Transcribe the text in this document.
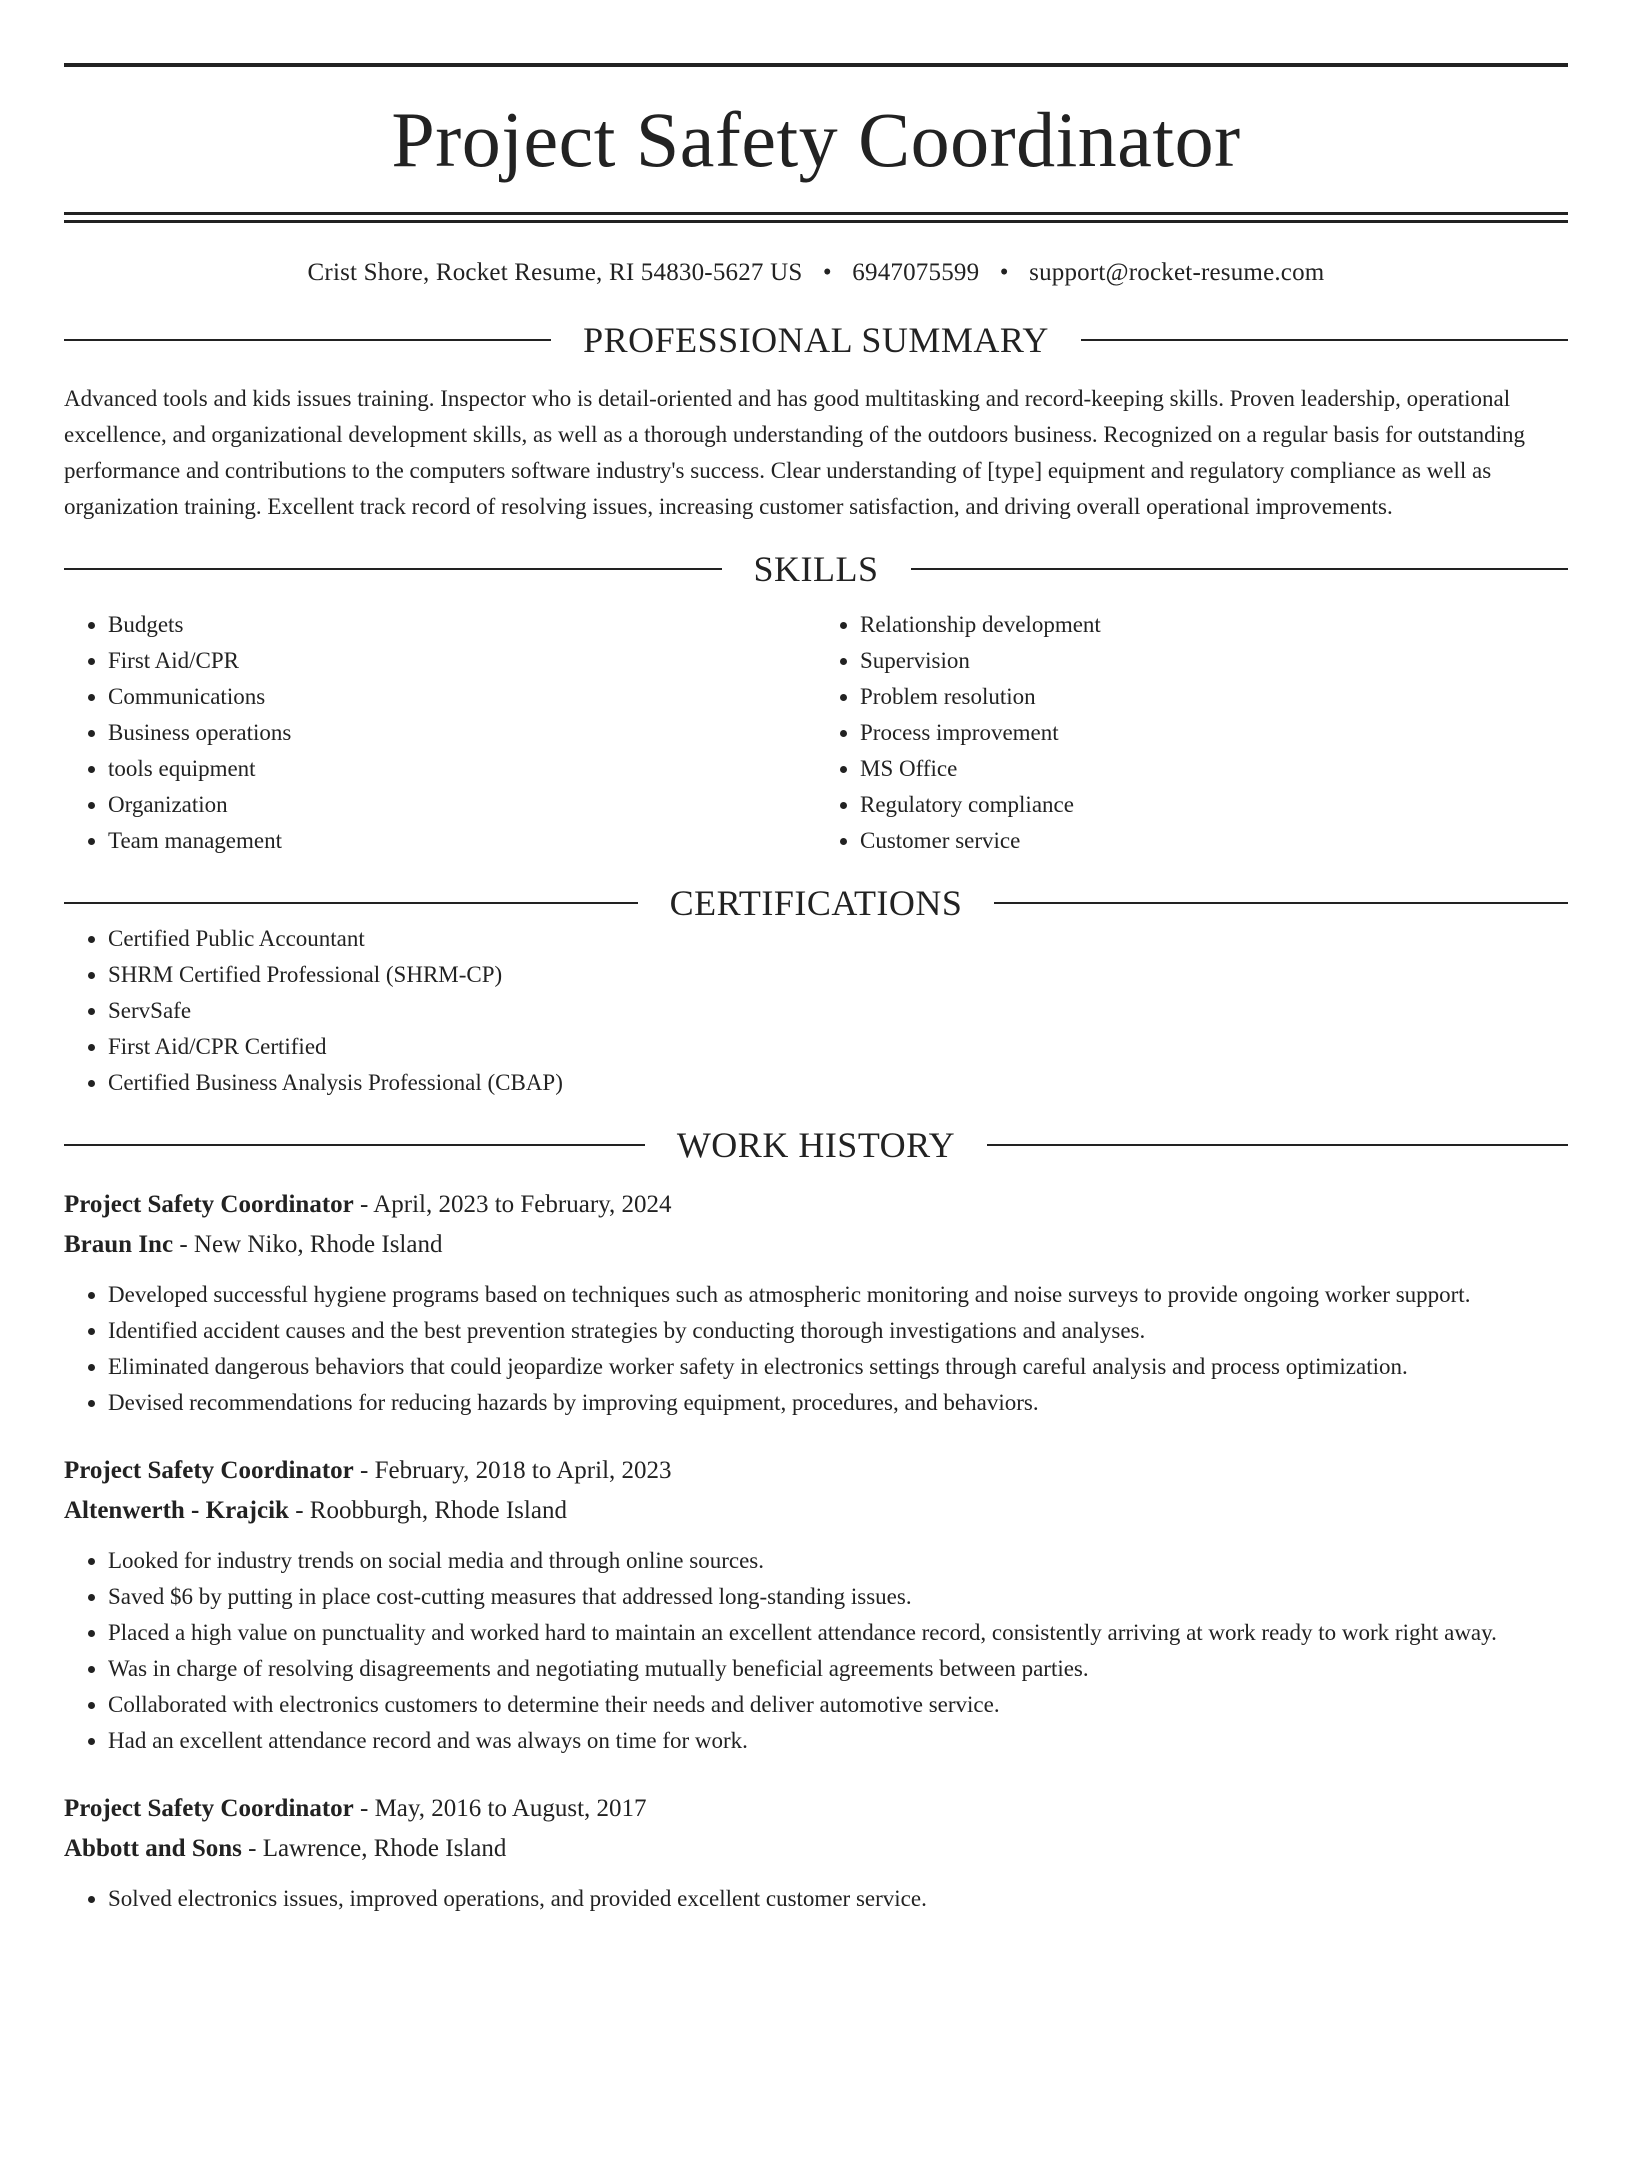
Project Safety Coordinator
Crist Shore, Rocket Resume, RI 54830-5627 US • 6947075599 • support@rocket-resume.com
PROFESSIONAL SUMMARY

Advanced tools and kids issues training. Inspector who is detail-oriented and has good multitasking and record-keeping skills. Proven leadership, operational excellence, and organizational development skills, as well as a thorough understanding of the outdoors business. Recognized on a regular basis for outstanding performance and contributions to the computers software industry's success. Clear understanding of [type] equipment and regulatory compliance as well as organization training. Excellent track record of resolving issues, increasing customer satisfaction, and driving overall operational improvements.

SKILLS
• Budgets
• First Aid/CPR
• Communications
• Business operations
• tools equipment
• Organization
• Team management
• Relationship development
• Supervision
• Problem resolution
• Process improvement
• MS Office
• Regulatory compliance
• Customer service
CERTIFICATIONS
• Certified Public Accountant
• SHRM Certified Professional (SHRM-CP)
• ServSafe
• First Aid/CPR Certified
• Certified Business Analysis Professional (CBAP)
WORK HISTORY
Project Safety Coordinator - April, 2023 to February, 2024
Braun Inc - New Niko, Rhode Island
• Developed successful hygiene programs based on techniques such as atmospheric monitoring and noise surveys to provide ongoing worker support.
• Identified accident causes and the best prevention strategies by conducting thorough investigations and analyses.
• Eliminated dangerous behaviors that could jeopardize worker safety in electronics settings through careful analysis and process optimization.
• Devised recommendations for reducing hazards by improving equipment, procedures, and behaviors.
Project Safety Coordinator - February, 2018 to April, 2023
Altenwerth - Krajcik - Roobburgh, Rhode Island
• Looked for industry trends on social media and through online sources.
• Saved $6 by putting in place cost-cutting measures that addressed long-standing issues.
• Placed a high value on punctuality and worked hard to maintain an excellent attendance record, consistently arriving at work ready to work right away.
• Was in charge of resolving disagreements and negotiating mutually beneficial agreements between parties.
• Collaborated with electronics customers to determine their needs and deliver automotive service.
• Had an excellent attendance record and was always on time for work.
Project Safety Coordinator - May, 2016 to August, 2017
Abbott and Sons - Lawrence, Rhode Island
• Solved electronics issues, improved operations, and provided excellent customer service.
